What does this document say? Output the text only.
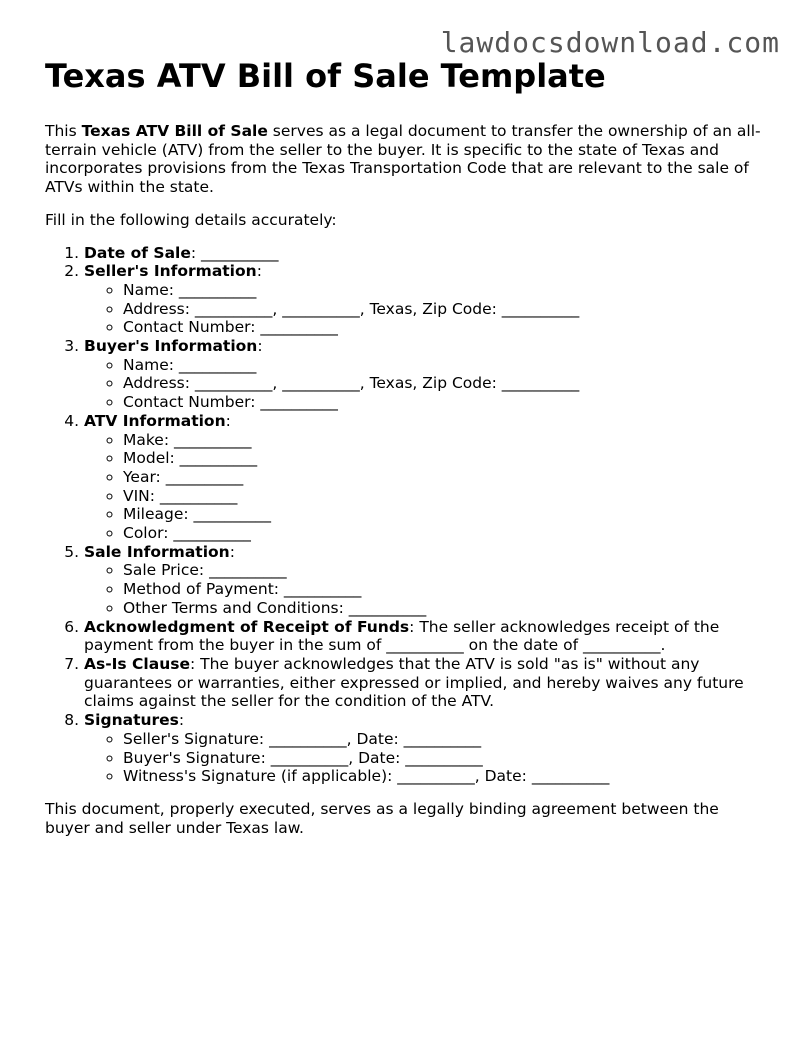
lawdocsdownload.com
Texas ATV Bill of Sale Template

This Texas ATV Bill of Sale serves as a legal document to transfer the ownership of an all-terrain vehicle (ATV) from the seller to the buyer. It is specific to the state of Texas and incorporates provisions from the Texas Transportation Code that are relevant to the sale of ATVs within the state.

Fill in the following details accurately:

1. Date of Sale: __________
2. Seller's Information:
◦ Name: __________
◦ Address: __________, __________, Texas, Zip Code: __________
◦ Contact Number: __________
3. Buyer's Information:
◦ Name: __________
◦ Address: __________, __________, Texas, Zip Code: __________
◦ Contact Number: __________
4. ATV Information:
◦ Make: __________
◦ Model: __________
◦ Year: __________
◦ VIN: __________
◦ Mileage: __________
◦ Color: __________
5. Sale Information:
◦ Sale Price: __________
◦ Method of Payment: __________
◦ Other Terms and Conditions: __________
6. Acknowledgment of Receipt of Funds: The seller acknowledges receipt of the payment from the buyer in the sum of __________ on the date of __________.
7. As-Is Clause: The buyer acknowledges that the ATV is sold "as is" without any guarantees or warranties, either expressed or implied, and hereby waives any future claims against the seller for the condition of the ATV.
8. Signatures:
◦ Seller's Signature: __________, Date: __________
◦ Buyer's Signature: __________, Date: __________
◦ Witness's Signature (if applicable): __________, Date: __________

This document, properly executed, serves as a legally binding agreement between the buyer and seller under Texas law.
